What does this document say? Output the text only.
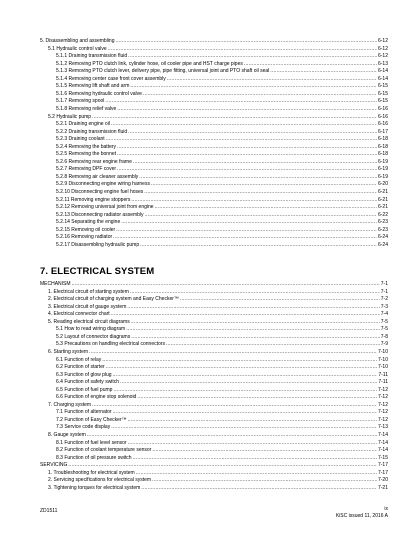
5. Disassembling and assembling .....	6-12
5.1 Hydraulic control valve .....	6-12
5.1.1 Draining transmission fluid .....	6-12
5.1.2 Removing PTO clutch link, cylinder hose, oil cooler pipe and HST charge pipes .....	6-13
5.1.3 Removing PTO clutch lever, delivery pipe, pipe fitting, universal joint and PTO shaft oil seal .....	6-14
5.1.4 Removing center case front cover assembly .....	6-14
5.1.5 Removing lift shaft and arm .....	6-15
5.1.6 Removing hydraulic control valve .....	6-15
5.1.7 Removing spool .....	6-15
5.1.8 Removing relief valve .....	6-16
5.2 Hydraulic pump .....	6-16
5.2.1 Draining engine oil .....	6-16
5.2.2 Draining transmission fluid .....	6-17
5.2.3 Draining coolant .....	6-18
5.2.4 Removing the battery .....	6-18
5.2.5 Removing the bonnet .....	6-18
5.2.6 Removing rear engine frame .....	6-19
5.2.7 Removing DPF cover .....	6-19
5.2.8 Removing air cleaner assembly .....	6-19
5.2.9 Disconnecting engine wiring harness .....	6-20
5.2.10 Disconnecting engine fuel hoses .....	6-21
5.2.11 Removing engine stoppers .....	6-21
5.2.12 Removing universal joint from engine .....	6-21
5.2.13 Disconnecting radiator assembly .....	6-22
5.2.14 Separating the engine .....	6-23
5.2.15 Removing oil cooler .....	6-23
5.2.16 Removing radiator .....	6-24
5.2.17 Disassembling hydraulic pump .....	6-24
7. ELECTRICAL SYSTEM
MECHANISM .....	7-1
1. Electrical circuit of starting system .....	7-1
2. Electrical circuit of charging system and Easy Checker™ .....	7-2
3. Electrical circuit of gauge system .....	7-3
4. Electrical connector chart .....	7-4
5. Reading electrical circuit diagrams .....	7-5
5.1 How to read wiring diagram .....	7-5
5.2 Layout of connector diagrams .....	7-8
5.3 Precautions on handling electrical connectors .....	7-9
6. Starting system .....	7-10
6.1 Function of relay .....	7-10
6.2 Function of starter .....	7-10
6.3 Function of glow plug .....	7-11
6.4 Function of safety switch .....	7-11
6.5 Function of fuel pump .....	7-12
6.6 Function of engine stop solenoid .....	7-12
7. Charging system .....	7-12
7.1 Function of alternator .....	7-12
7.2 Function of Easy Checker™ .....	7-12
7.3 Service code display .....	7-13
8. Gauge system .....	7-14
8.1 Function of fuel level sensor .....	7-14
8.2 Function of coolant temperature sensor .....	7-14
8.3 Function of oil pressure switch .....	7-15
SERVICING .....	7-17
1. Troubleshooting for electrical system .....	7-17
2. Servicing specifications for electrical system .....	7-20
3. Tightening torques for electrical system .....	7-21
ZD1511	ix
KiSC issued 11, 2016 A
